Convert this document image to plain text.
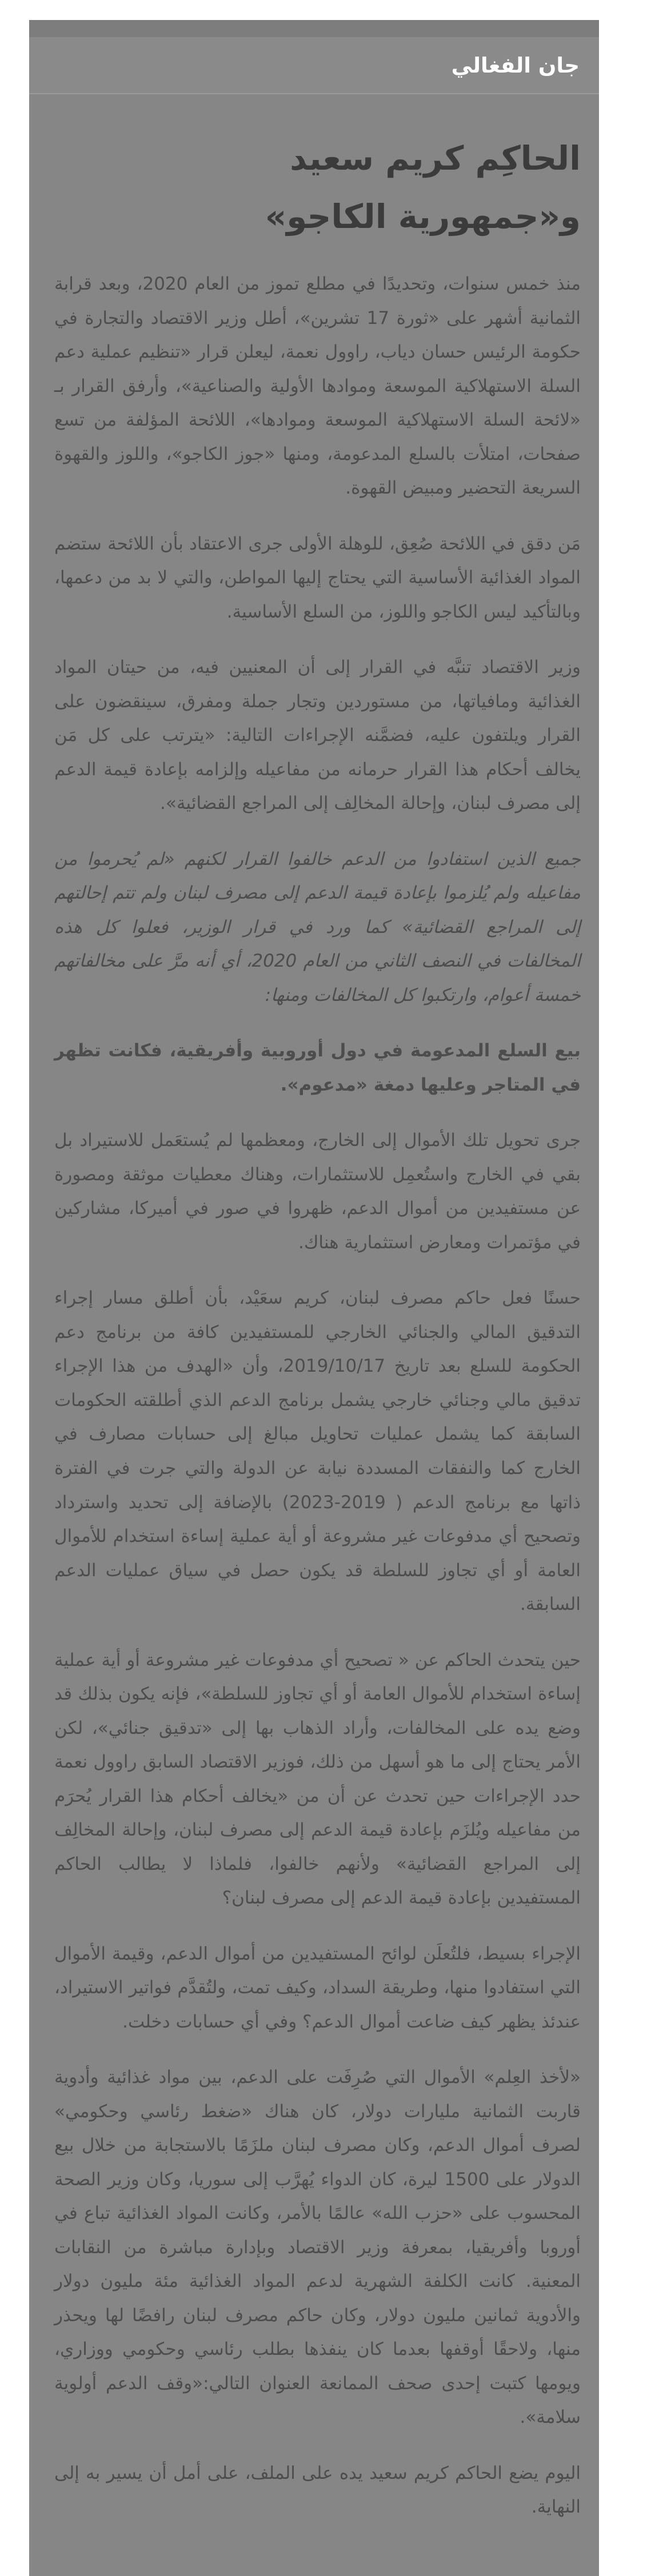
جان الفغالي
الحاكِم كريم سعيد
و«جمهورية الكاجو»

منذ خمس سنوات، وتحديدًا في مطلع تموز من العام 2020، وبعد قرابة الثمانية أشهر على «ثورة 17 تشرين»، أطل وزير الاقتصاد والتجارة في حكومة الرئيس حسان دياب، راوول نعمة، ليعلن قرار «تنظيم عملية دعم السلة الاستهلاكية الموسعة وموادها الأولية والصناعية»، وأرفق القرار بـ «لائحة السلة الاستهلاكية الموسعة وموادها»، اللائحة المؤلفة من تسع صفحات، امتلأت بالسلع المدعومة، ومنها «جوز الكاجو»، واللوز والقهوة السريعة التحضير ومبيض القهوة.

مَن دقق في اللائحة صُعِق، للوهلة الأولى جرى الاعتقاد بأن اللائحة ستضم المواد الغذائية الأساسية التي يحتاج إليها المواطن، والتي لا بد من دعمها، وبالتأكيد ليس الكاجو واللوز، من السلع الأساسية.

وزير الاقتصاد تنبَّه في القرار إلى أن المعنيين فيه، من حيتان المواد الغذائية ومافياتها، من مستوردين وتجار جملة ومفرق، سينقضون على القرار ويلتفون عليه، فضمَّنه الإجراءات التالية: «يترتب على كل مَن يخالف أحكام هذا القرار حرمانه من مفاعيله وإلزامه بإعادة قيمة الدعم إلى مصرف لبنان، وإحالة المخالِف إلى المراجع القضائية».

جميع الذين استفادوا من الدعم خالفوا القرار لكنهم «لم يُحرموا من مفاعيله ولم يُلزموا بإعادة قيمة الدعم إلى مصرف لبنان ولم تتم إحالتهم إلى المراجع القضائية» كما ورد في قرار الوزير، فعلوا كل هذه المخالفات في النصف الثاني من العام 2020، أي أنه مرَّ على مخالفاتهم خمسة أعوام، وارتكبوا كل المخالفات ومنها:

بيع السلع المدعومة في دول أوروبية وأفريقية، فكانت تظهر في المتاجر وعليها دمغة «مدعوم».

جرى تحويل تلك الأموال إلى الخارج، ومعظمها لم يُستعَمل للاستيراد بل بقي في الخارج واستُعمِل للاستثمارات، وهناك معطيات موثقة ومصورة عن مستفيدين من أموال الدعم، ظهروا في صور في أميركا، مشاركين في مؤتمرات ومعارض استثمارية هناك.

حسنًا فعل حاكم مصرف لبنان، كريم سعَيْد، بأن أطلق مسار إجراء التدقيق المالي والجنائي الخارجي للمستفيدين كافة من برنامج دعم الحكومة للسلع بعد تاريخ 2019/10/17، وأن «الهدف من هذا الإجراء تدقيق مالي وجنائي خارجي يشمل برنامج الدعم الذي أطلقته الحكومات السابقة كما يشمل عمليات تحاويل مبالغ إلى حسابات مصارف في الخارج كما والنفقات المسددة نيابة عن الدولة والتي جرت في الفترة ذاتها مع برنامج الدعم ( 2019-2023) بالإضافة إلى تحديد واسترداد وتصحيح أي مدفوعات غير مشروعة أو أية عملية إساءة استخدام للأموال العامة أو أي تجاوز للسلطة قد يكون حصل في سياق عمليات الدعم السابقة.

حين يتحدث الحاكم عن « تصحيح أي مدفوعات غير مشروعة أو أية عملية إساءة استخدام للأموال العامة أو أي تجاوز للسلطة»، فإنه يكون بذلك قد وضع يده على المخالفات، وأراد الذهاب بها إلى «تدقيق جنائي»، لكن الأمر يحتاج إلى ما هو أسهل من ذلك، فوزير الاقتصاد السابق راوول نعمة حدد الإجراءات حين تحدث عن أن من «يخالف أحكام هذا القرار يُحرَم من مفاعيله ويُلزَم بإعادة قيمة الدعم إلى مصرف لبنان، وإحالة المخالِف إلى المراجع القضائية» ولأنهم خالفوا، فلماذا لا يطالب الحاكم المستفيدين بإعادة قيمة الدعم إلى مصرف لبنان؟

الإجراء بسيط، فلتُعلَن لوائح المستفيدين من أموال الدعم، وقيمة الأموال التي استفادوا منها، وطريقة السداد، وكيف تمت، ولتُقدَّم فواتير الاستيراد، عندئذ يظهر كيف ضاعت أموال الدعم؟ وفي أي حسابات دخلت.

«لأخذ العِلم» الأموال التي صُرِفَت على الدعم، بين مواد غذائية وأدوية قاربت الثمانية مليارات دولار، كان هناك «ضغط رئاسي وحكومي» لصرف أموال الدعم، وكان مصرف لبنان ملزَمًا بالاستجابة من خلال بيع الدولار على 1500 ليرة، كان الدواء يُهرَّب إلى سوريا، وكان وزير الصحة المحسوب على «حزب الله» عالمًا بالأمر، وكانت المواد الغذائية تباع في أوروبا وأفريقيا، بمعرفة وزير الاقتصاد وبإدارة مباشرة من النقابات المعنية. كانت الكلفة الشهرية لدعم المواد الغذائية مئة مليون دولار والأدوية ثمانين مليون دولار، وكان حاكم مصرف لبنان رافضًا لها ويحذر منها، ولاحقًا أوقفها بعدما كان ينفذها بطلب رئاسي وحكومي ووزاري، ويومها كتبت إحدى صحف الممانعة العنوان التالي:«وقف الدعم أولوية سلامة».

اليوم يضع الحاكم كريم سعيد يده على الملف، على أمل أن يسير به إلى النهاية.
